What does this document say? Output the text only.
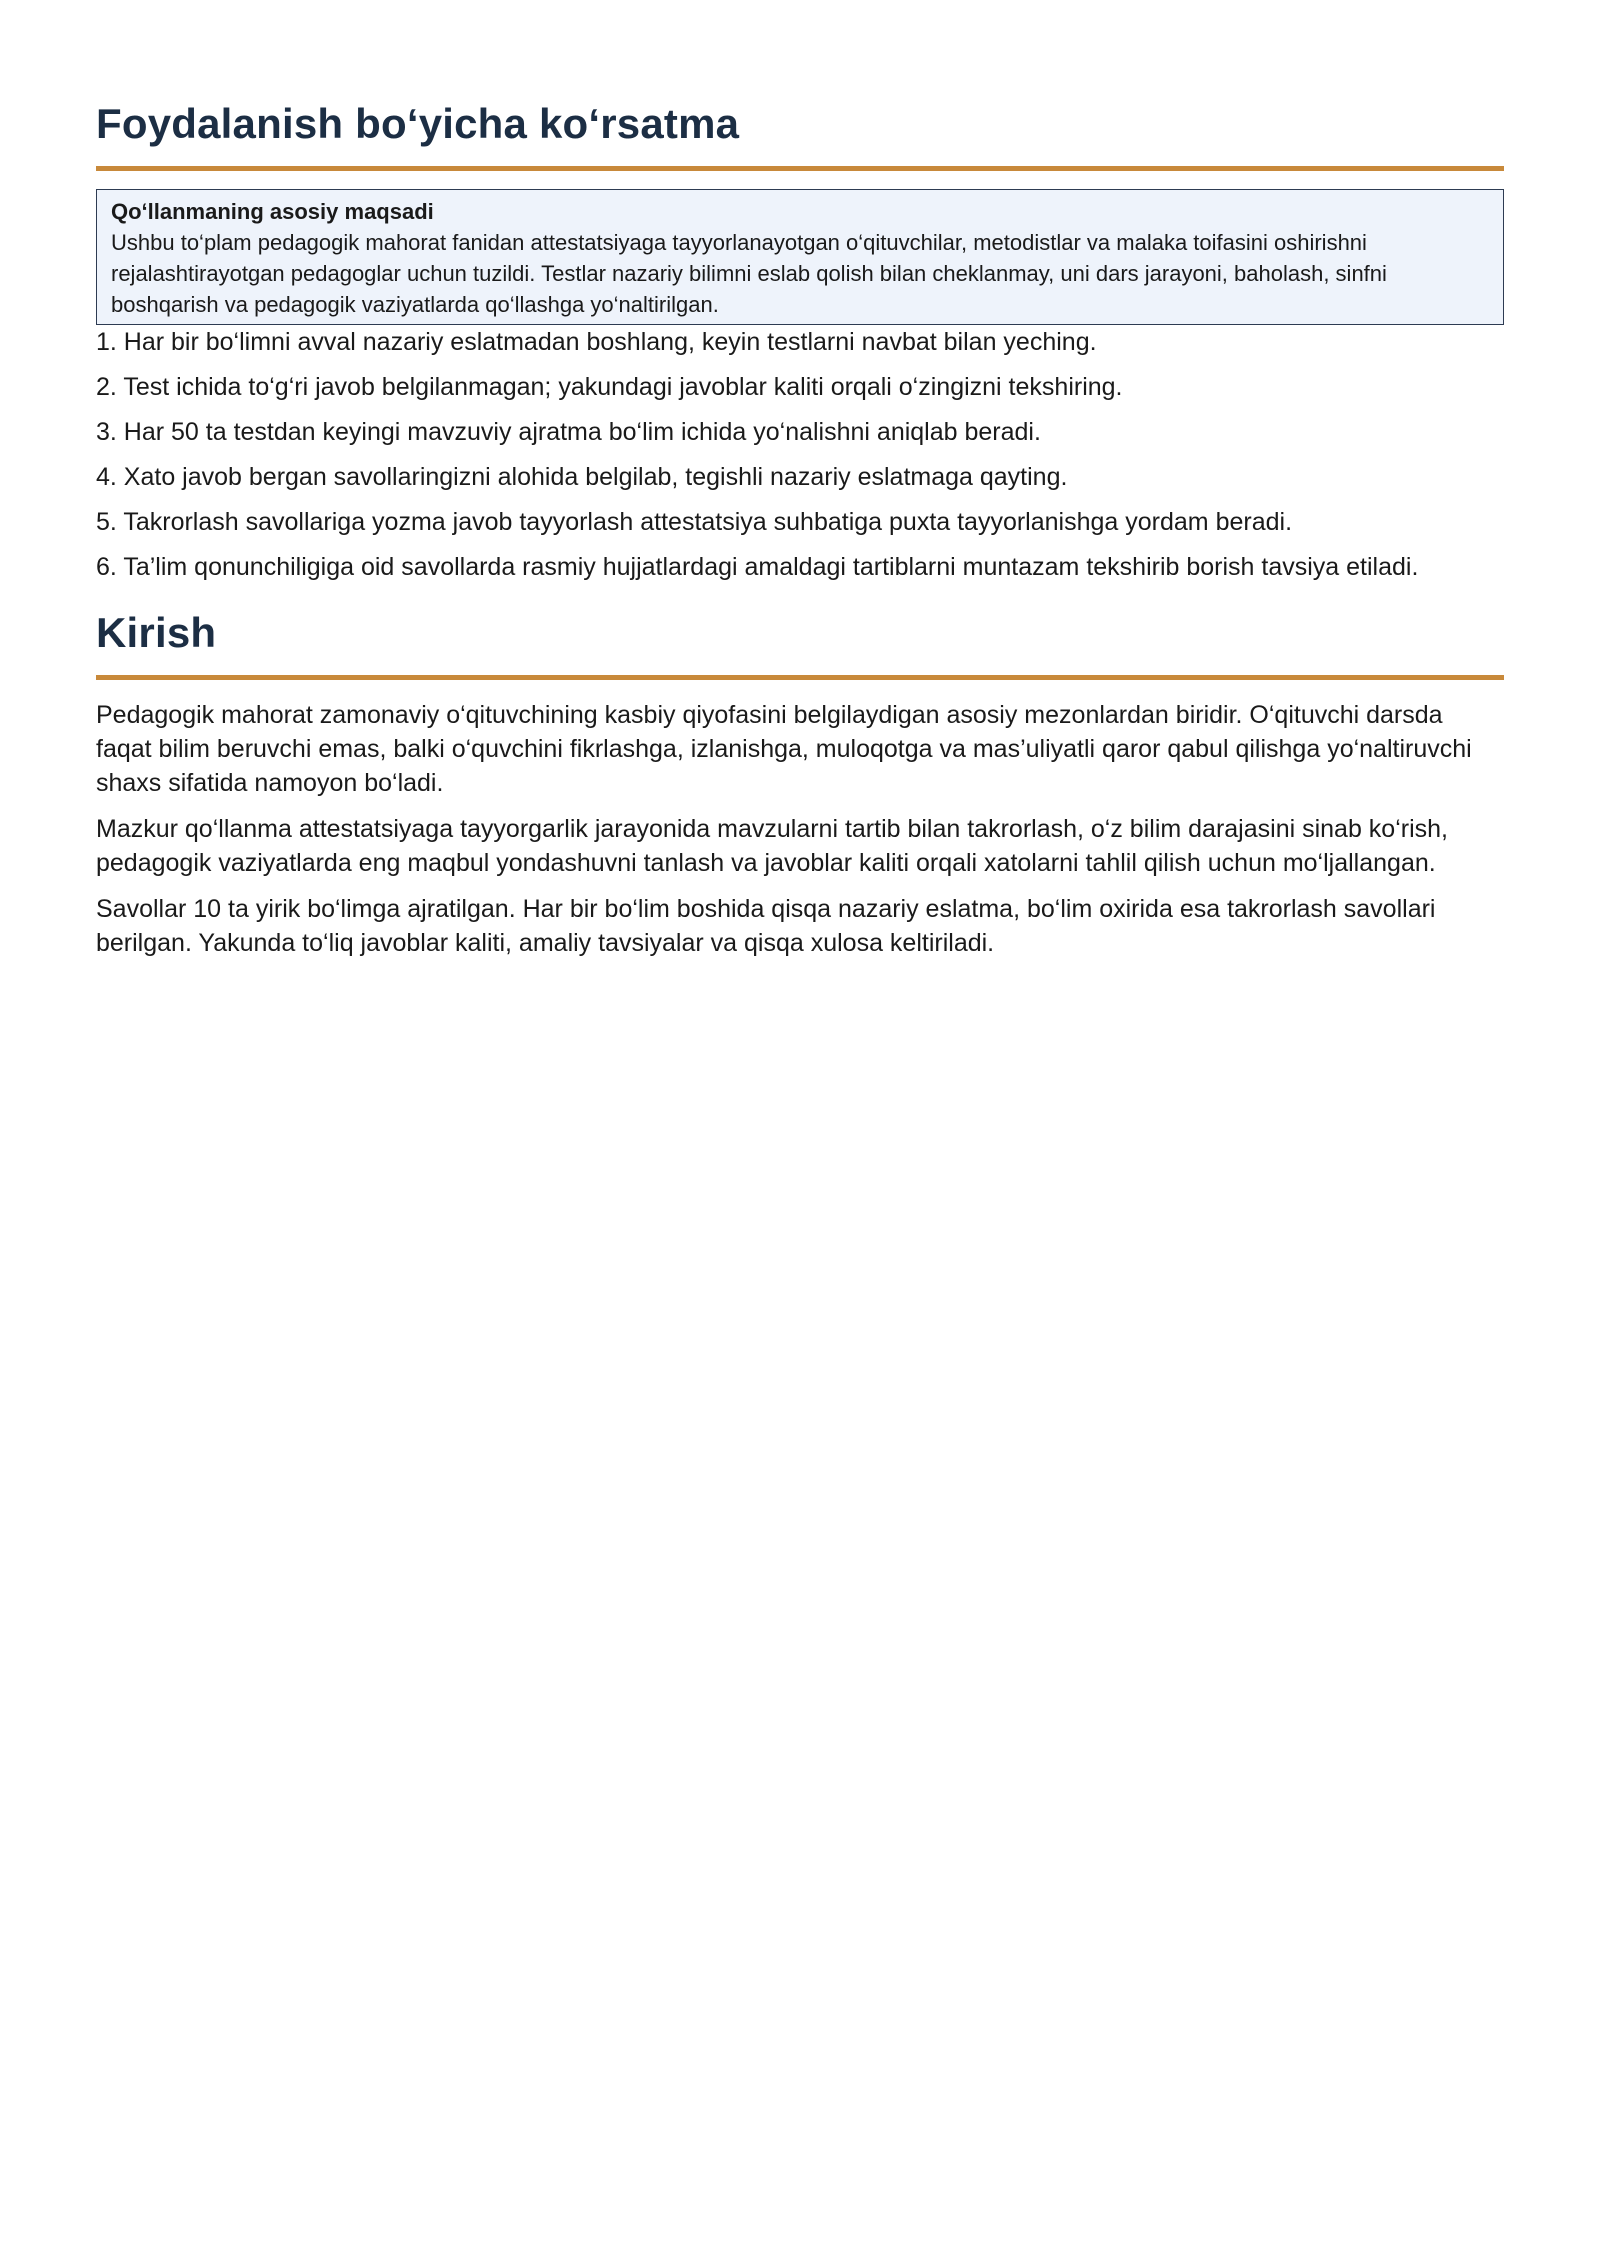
Foydalanish bo‘yicha ko‘rsatma
Qo‘llanmaning asosiy maqsadi
Ushbu to‘plam pedagogik mahorat fanidan attestatsiyaga tayyorlanayotgan o‘qituvchilar, metodistlar va malaka toifasini oshirishni rejalashtirayotgan pedagoglar uchun tuzildi. Testlar nazariy bilimni eslab qolish bilan cheklanmay, uni dars jarayoni, baholash, sinfni boshqarish va pedagogik vaziyatlarda qo‘llashga yo‘naltirilgan.
1. Har bir bo‘limni avval nazariy eslatmadan boshlang, keyin testlarni navbat bilan yeching.
2. Test ichida to‘g‘ri javob belgilanmagan; yakundagi javoblar kaliti orqali o‘zingizni tekshiring.
3. Har 50 ta testdan keyingi mavzuviy ajratma bo‘lim ichida yo‘nalishni aniqlab beradi.
4. Xato javob bergan savollaringizni alohida belgilab, tegishli nazariy eslatmaga qayting.
5. Takrorlash savollariga yozma javob tayyorlash attestatsiya suhbatiga puxta tayyorlanishga yordam beradi.
6. Ta’lim qonunchiligiga oid savollarda rasmiy hujjatlardagi amaldagi tartiblarni muntazam tekshirib borish tavsiya etiladi.
Kirish

Pedagogik mahorat zamonaviy o‘qituvchining kasbiy qiyofasini belgilaydigan asosiy mezonlardan biridir. O‘qituvchi darsda faqat bilim beruvchi emas, balki o‘quvchini fikrlashga, izlanishga, muloqotga va mas’uliyatli qaror qabul qilishga yo‘naltiruvchi shaxs sifatida namoyon bo‘ladi.

Mazkur qo‘llanma attestatsiyaga tayyorgarlik jarayonida mavzularni tartib bilan takrorlash, o‘z bilim darajasini sinab ko‘rish, pedagogik vaziyatlarda eng maqbul yondashuvni tanlash va javoblar kaliti orqali xatolarni tahlil qilish uchun mo‘ljallangan.

Savollar 10 ta yirik bo‘limga ajratilgan. Har bir bo‘lim boshida qisqa nazariy eslatma, bo‘lim oxirida esa takrorlash savollari berilgan. Yakunda to‘liq javoblar kaliti, amaliy tavsiyalar va qisqa xulosa keltiriladi.
